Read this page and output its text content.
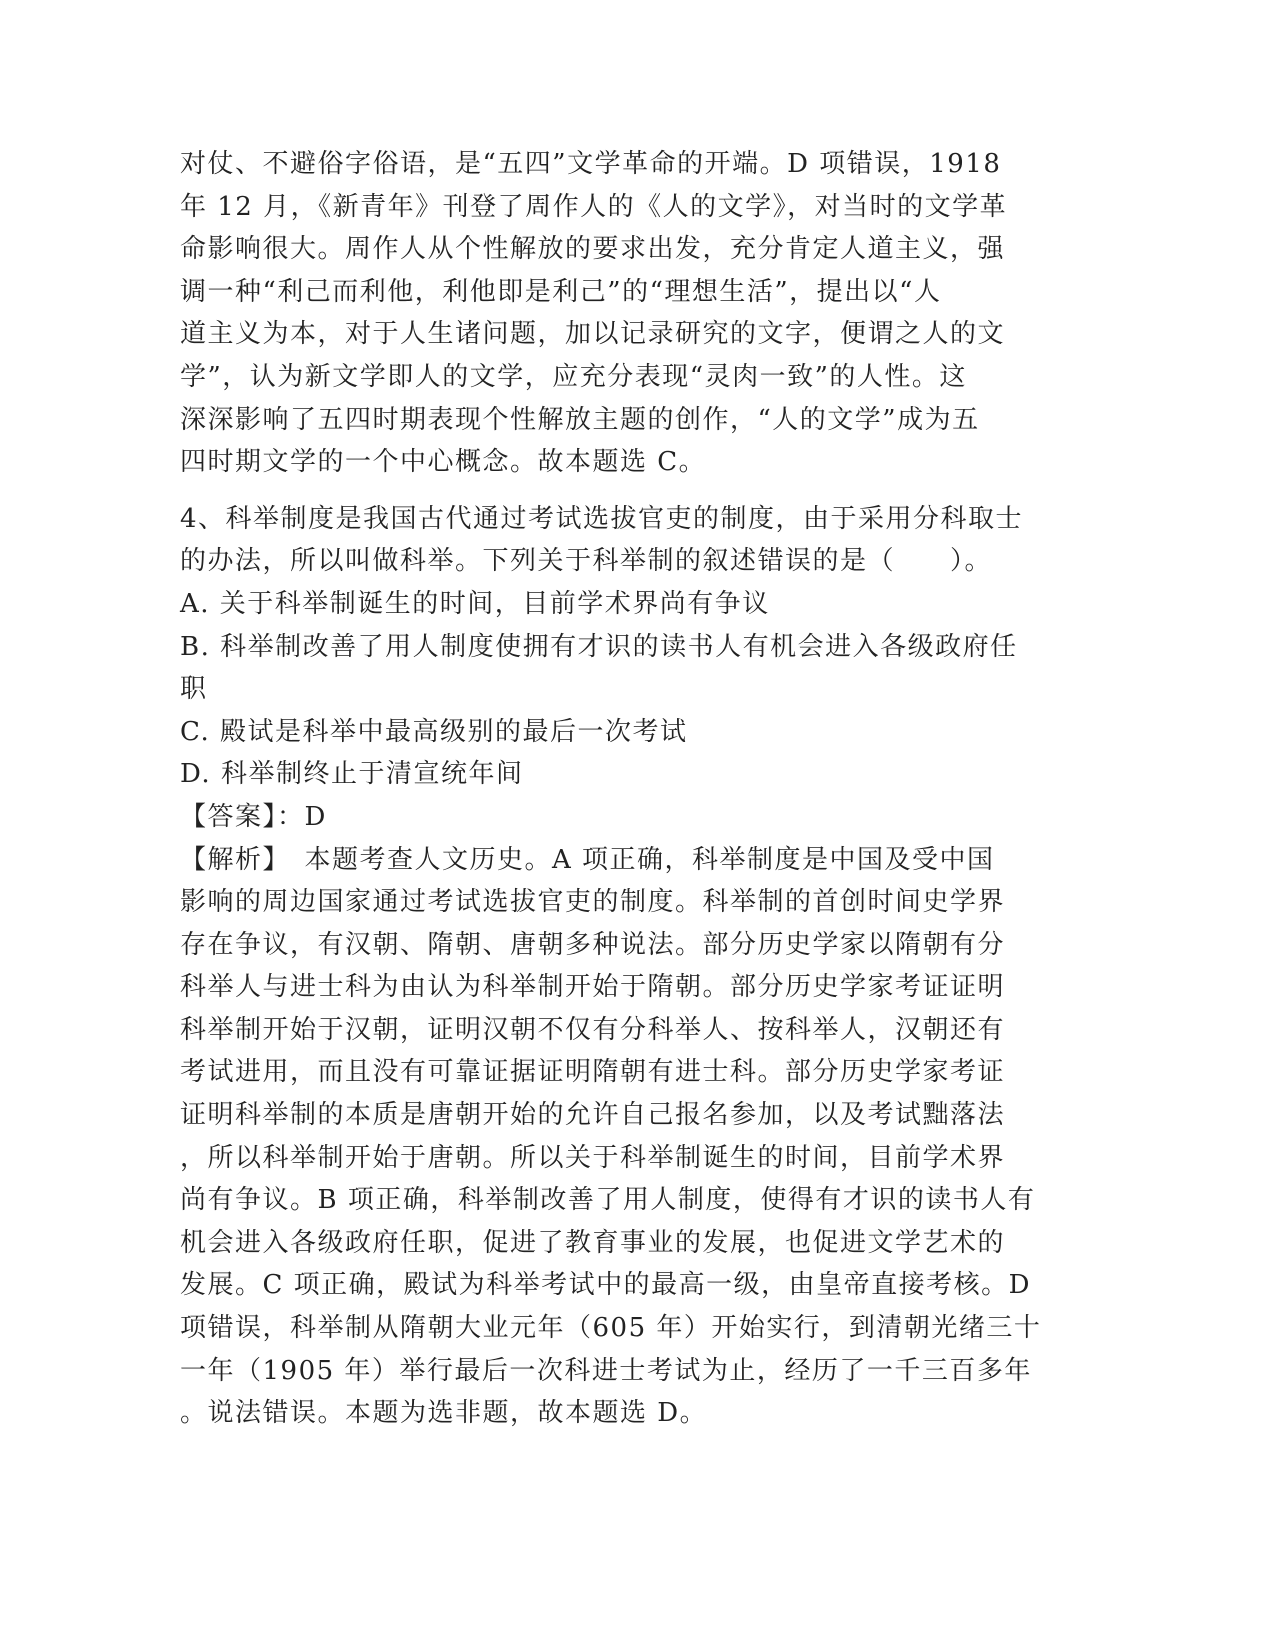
对仗、不避俗字俗语，是“五四”文学革命的开端。D 项错误，1918
年 12 月，《新青年》刊登了周作人的《人的文学》，对当时的文学革
命影响很大。周作人从个性解放的要求出发，充分肯定人道主义，强
调一种“利己而利他，利他即是利己”的“理想生活”，提出以“人
道主义为本，对于人生诸问题，加以记录研究的文字，便谓之人的文
学”，认为新文学即人的文学，应充分表现“灵肉一致”的人性。这
深深影响了五四时期表现个性解放主题的创作，“人的文学”成为五
四时期文学的一个中心概念。故本题选 C。
4、科举制度是我国古代通过考试选拔官吏的制度，由于采用分科取士
的办法，所以叫做科举。下列关于科举制的叙述错误的是（　　）。
A. 关于科举制诞生的时间，目前学术界尚有争议
B. 科举制改善了用人制度使拥有才识的读书人有机会进入各级政府任
职
C. 殿试是科举中最高级别的最后一次考试
D. 科举制终止于清宣统年间
【答案】：D
【解析】　本题考查人文历史。A 项正确，科举制度是中国及受中国
影响的周边国家通过考试选拔官吏的制度。科举制的首创时间史学界
存在争议，有汉朝、隋朝、唐朝多种说法。部分历史学家以隋朝有分
科举人与进士科为由认为科举制开始于隋朝。部分历史学家考证证明
科举制开始于汉朝，证明汉朝不仅有分科举人、按科举人，汉朝还有
考试进用，而且没有可靠证据证明隋朝有进士科。部分历史学家考证
证明科举制的本质是唐朝开始的允许自己报名参加，以及考试黜落法
，所以科举制开始于唐朝。所以关于科举制诞生的时间，目前学术界
尚有争议。B 项正确，科举制改善了用人制度，使得有才识的读书人有
机会进入各级政府任职，促进了教育事业的发展，也促进文学艺术的
发展。C 项正确，殿试为科举考试中的最高一级，由皇帝直接考核。D
项错误，科举制从隋朝大业元年（605 年）开始实行，到清朝光绪三十
一年（1905 年）举行最后一次科进士考试为止，经历了一千三百多年
。说法错误。本题为选非题，故本题选 D。
